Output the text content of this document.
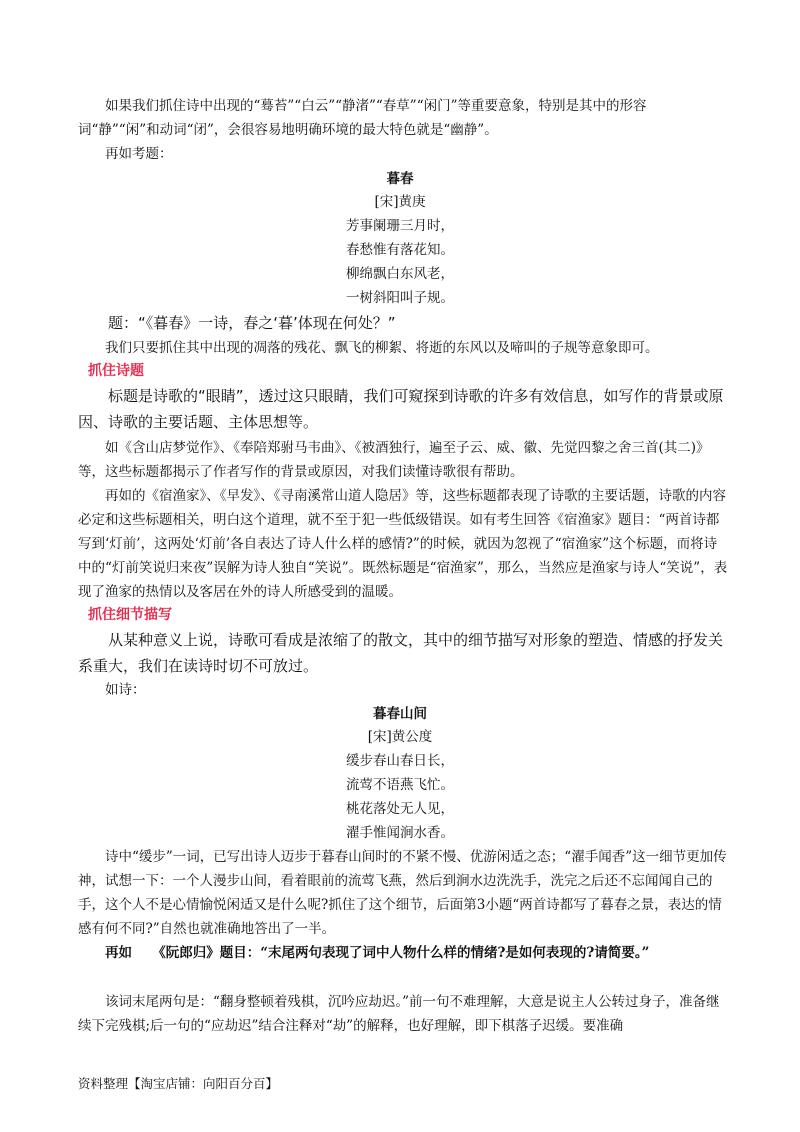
如果我们抓住诗中出现的“蓦苔”“白云”“静渚”“春草”“闲门”等重要意象，特别是其中的形容词“静”“闲”和动词“闭”，会很容易地明确环境的最大特色就是“幽静”。

再如考题：

暮春

[宋]黄庚

芳事阑珊三月时，

春愁惟有落花知。

柳绵飘白东风老，

一树斜阳叫子规。

题：“《暮春》一诗，春之‘暮’体现在何处？”

我们只要抓住其中出现的凋落的残花、飘飞的柳絮、将逝的东风以及啼叫的子规等意象即可。

抓住诗题

标题是诗歌的“眼睛”，透过这只眼睛，我们可窥探到诗歌的许多有效信息，如写作的背景或原因、诗歌的主要话题、主体思想等。

如《含山店梦觉作》、《奉陪郑驸马韦曲》、《被酒独行，遍至子云、威、徽、先觉四黎之舍三首(其二)》等，这些标题都揭示了作者写作的背景或原因，对我们读懂诗歌很有帮助。

再如的《宿渔家》、《早发》、《寻南溪常山道人隐居》等，这些标题都表现了诗歌的主要话题，诗歌的内容必定和这些标题相关，明白这个道理，就不至于犯一些低级错误。如有考生回答《宿渔家》题目：“两首诗都写到‘灯前’，这两处‘灯前’各自表达了诗人什么样的感情?”的时候，就因为忽视了“宿渔家”这个标题，而将诗中的“灯前笑说归来夜”误解为诗人独自“笑说”。既然标题是“宿渔家”，那么，当然应是渔家与诗人“笑说”，表现了渔家的热情以及客居在外的诗人所感受到的温暖。

抓住细节描写

从某种意义上说，诗歌可看成是浓缩了的散文，其中的细节描写对形象的塑造、情感的抒发关系重大，我们在读诗时切不可放过。

如诗：

暮春山间

[宋]黄公度

缓步春山春日长，

流莺不语燕飞忙。

桃花落处无人见，

濯手惟闻涧水香。

诗中“缓步”一词，已写出诗人迈步于暮春山间时的不紧不慢、优游闲适之态；“濯手闻香”这一细节更加传神，试想一下：一个人漫步山间，看着眼前的流莺飞燕，然后到涧水边洗洗手，洗完之后还不忘闻闻自己的手，这个人不是心情愉悦闲适又是什么呢?抓住了这个细节，后面第3小题“两首诗都写了暮春之景，表达的情感有何不同?”自然也就准确地答出了一半。

再如　　《阮郎归》题目：“末尾两句表现了词中人物什么样的情绪?是如何表现的?请简要。”

该词末尾两句是：“翻身整顿着残棋，沉吟应劫迟。”前一句不难理解，大意是说主人公转过身子，准备继续下完残棋;后一句的“应劫迟”结合注释对“劫”的解释，也好理解，即下棋落子迟缓。要准确

资料整理【淘宝店铺：向阳百分百】
